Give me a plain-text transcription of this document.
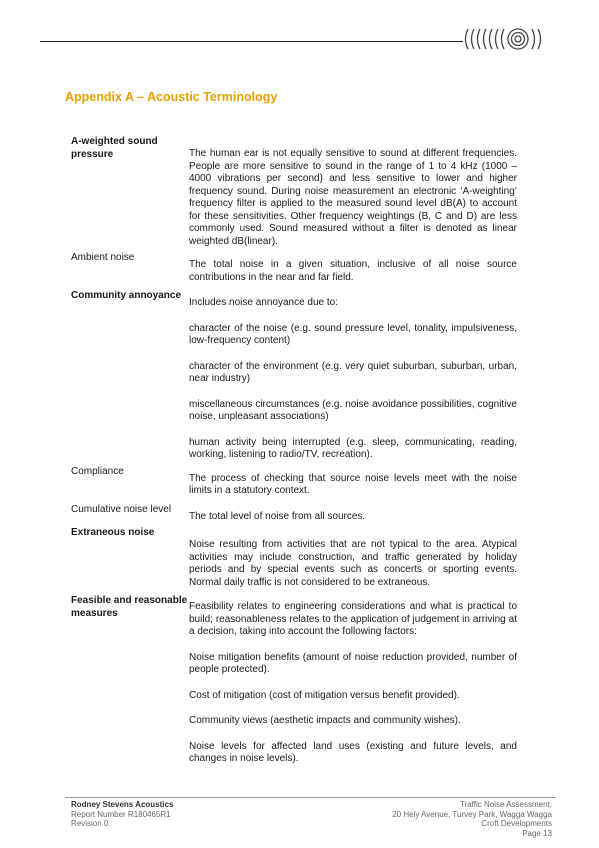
Appendix A – Acoustic Terminology
A-weighted sound pressure	The human ear is not equally sensitive to sound at different frequencies. People are more sensitive to sound in the range of 1 to 4 kHz (1000 – 4000 vibrations per second) and less sensitive to lower and higher frequency sound. During noise measurement an electronic ‘A-weighting’ frequency filter is applied to the measured sound level dB(A) to account for these sensitivities. Other frequency weightings (B, C and D) are less commonly used. Sound measured without a filter is denoted as linear weighted dB(linear).

Ambient noise

The total noise in a given situation, inclusive of all noise source contributions in the near and far field.

Community annoyance

Includes noise annoyance due to:

character of the noise (e.g. sound pressure level, tonality, impulsiveness, low-frequency content)

character of the environment (e.g. very quiet suburban, suburban, urban, near industry)

miscellaneous circumstances (e.g. noise avoidance possibilities, cognitive noise, unpleasant associations)

human activity being interrupted (e.g. sleep, communicating, reading, working, listening to radio/TV, recreation).

Compliance

The process of checking that source noise levels meet with the noise limits in a statutory context.

Cumulative noise level

The total level of noise from all sources.

Extraneous noise

Noise resulting from activities that are not typical to the area. Atypical activities may include construction, and traffic generated by holiday periods and by special events such as concerts or sporting events. Normal daily traffic is not considered to be extraneous.

Feasible and reasonable measures

Feasibility relates to engineering considerations and what is practical to build; reasonableness relates to the application of judgement in arriving at a decision, taking into account the following factors:

Noise mitigation benefits (amount of noise reduction provided, number of people protected).

Cost of mitigation (cost of mitigation versus benefit provided).

Community views (aesthetic impacts and community wishes).

Noise levels for affected land uses (existing and future levels, and changes in noise levels).

Rodney Stevens Acoustics
Report Number R180465R1
Revision 0
Traffic Noise Assessment,
20 Hely Avenue, Turvey Park, Wagga Wagga
Croft Developments
Page 13
